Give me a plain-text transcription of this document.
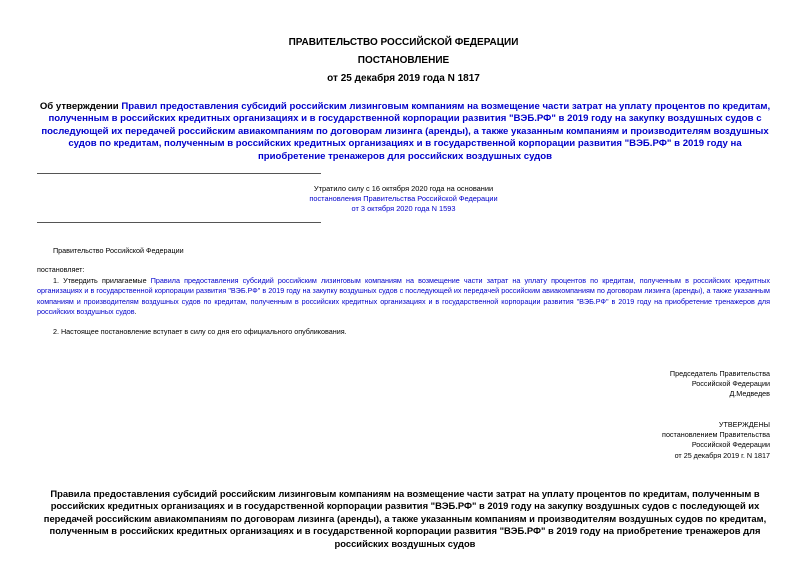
ПРАВИТЕЛЬСТВО РОССИЙСКОЙ ФЕДЕРАЦИИ
ПОСТАНОВЛЕНИЕ
от 25 декабря 2019 года N 1817
Об утверждении Правил предоставления субсидий российским лизинговым компаниям на возмещение части затрат на уплату процентов по кредитам, полученным в российских кредитных организациях и в государственной корпорации развития "ВЭБ.РФ" в 2019 году на закупку воздушных судов с последующей их передачей российским авиакомпаниям по договорам лизинга (аренды), а также указанным компаниям и производителям воздушных судов по кредитам, полученным в российских кредитных организациях и в государственной корпорации развития "ВЭБ.РФ" в 2019 году на приобретение тренажеров для российских воздушных судов
Утратило силу с 16 октября 2020 года на основании
постановления Правительства Российской Федерации
от 3 октября 2020 года N 1593
Правительство Российской Федерации
постановляет:
1. Утвердить прилагаемые Правила предоставления субсидий российским лизинговым компаниям на возмещение части затрат на уплату процентов по кредитам, полученным в российских кредитных организациях и в государственной корпорации развития "ВЭБ.РФ" в 2019 году на закупку воздушных судов с последующей их передачей российским авиакомпаниям по договорам лизинга (аренды), а также указанным компаниям и производителям воздушных судов по кредитам, полученным в российских кредитных организациях и в государственной корпорации развития "ВЭБ.РФ" в 2019 году на приобретение тренажеров для российских воздушных судов.
2. Настоящее постановление вступает в силу со дня его официального опубликования.
Председатель Правительства
Российской Федерации
Д.Медведев
УТВЕРЖДЕНЫ
постановлением Правительства
Российской Федерации
от 25 декабря 2019 г. N 1817
Правила предоставления субсидий российским лизинговым компаниям на возмещение части затрат на уплату процентов по кредитам, полученным в российских кредитных организациях и в государственной корпорации развития "ВЭБ.РФ" в 2019 году на закупку воздушных судов с последующей их передачей российским авиакомпаниям по договорам лизинга (аренды), а также указанным компаниям и производителям воздушных судов по кредитам, полученным в российских кредитных организациях и в государственной корпорации развития "ВЭБ.РФ" в 2019 году на приобретение тренажеров для российских воздушных судов
